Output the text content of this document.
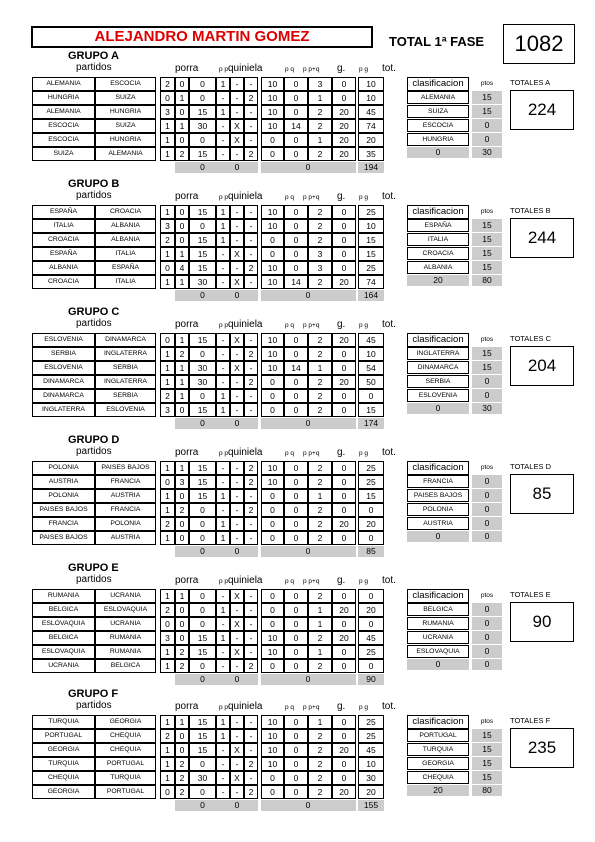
ALEJANDRO MARTIN GOMEZ	TOTAL 1ª FASE	1082
GRUPO A
partidos	porra	p p quiniela	p q p p+q g. p g tot.
ALEMANIA	ESCOCIA	2	0	0	1	-	-	10	0	3	0	10
HUNGRIA	SUIZA	0	1	0	-	-	2	10	0	1	0	10
ALEMANIA	HUNGRIA	3	0	15	1	-	-	10	0	2	20	45
ESCOCIA	SUIZA	1	1	30	-	X	-	10	14	2	20	74
ESCOCIA	HUNGRIA	1	0	0	-	X	-	0	0	1	20	20
SUIZA	ALEMANIA	1	2	15	-	-	2	0	0	2	20	35
0	0	0	194
clasificacion	ptos
ALEMANIA	15
SUIZA	15
ESCOCIA	0
HUNGRIA	0
0	30
TOTALES A
224
GRUPO B
partidos	porra	p p quiniela	p q p p+q g. p g tot.
ESPAÑA	CROACIA	1	0	15	1	-	-	10	0	2	0	25
ITALIA	ALBANIA	3	0	0	1	-	-	10	0	2	0	10
CROACIA	ALBANIA	2	0	15	1	-	-	0	0	2	0	15
ESPAÑA	ITALIA	1	1	15	-	X	-	0	0	3	0	15
ALBANIA	ESPAÑA	0	4	15	-	-	2	10	0	3	0	25
CROACIA	ITALIA	1	1	30	-	X	-	10	14	2	20	74
0	0	0	164
clasificacion	ptos
ESPAÑA	15
ITALIA	15
CROACIA	15
ALBANIA	15
20	80
TOTALES B
244
GRUPO C
partidos	porra	p p quiniela	p q p p+q g. p g tot.
ESLOVENIA	DINAMARCA	0	1	15	-	X	-	10	0	2	20	45
SERBIA	INGLATERRA	1	2	0	-	-	2	10	0	2	0	10
ESLOVENIA	SERBIA	1	1	30	-	X	-	10	14	1	0	54
DINAMARCA	INGLATERRA	1	1	30	-	-	2	0	0	2	20	50
DINAMARCA	SERBIA	2	1	0	1	-	-	0	0	2	0	0
INGLATERRA	ESLOVENIA	3	0	15	1	-	-	0	0	2	0	15
0	0	0	174
clasificacion	ptos
INGLATERRA	15
DINAMARCA	15
SERBIA	0
ESLOVENIA	0
0	30
TOTALES C
204
GRUPO D
partidos	porra	p p quiniela	p q p p+q g. p g tot.
POLONIA	PAISES BAJOS	1	1	15	-	-	2	10	0	2	0	25
AUSTRIA	FRANCIA	0	3	15	-	-	2	10	0	2	0	25
POLONIA	AUSTRIA	1	0	15	1	-	-	0	0	1	0	15
PAISES BAJOS	FRANCIA	1	2	0	-	-	2	0	0	2	0	0
FRANCIA	POLONIA	2	0	0	1	-	-	0	0	2	20	20
PAISES BAJOS	AUSTRIA	1	0	0	1	-	-	0	0	2	0	0
0	0	0	85
clasificacion	ptos
FRANCIA	0
PAISES BAJOS	0
POLONIA	0
AUSTRIA	0
0	0
TOTALES D
85
GRUPO E
partidos	porra	p p quiniela	p q p p+q g. p g tot.
RUMANIA	UCRANIA	1	1	0	-	X	-	0	0	2	0	0
BELGICA	ESLOVAQUIA	2	0	0	1	-	-	0	0	1	20	20
ESLOVAQUIA	UCRANIA	0	0	0	-	X	-	0	0	1	0	0
BELGICA	RUMANIA	3	0	15	1	-	-	10	0	2	20	45
ESLOVAQUIA	RUMANIA	1	2	15	-	X	-	10	0	1	0	25
UCRANIA	BELGICA	1	2	0	-	-	2	0	0	2	0	0
0	0	0	90
clasificacion	ptos
BELGICA	0
RUMANIA	0
UCRANIA	0
ESLOVAQUIA	0
0	0
TOTALES E
90
GRUPO F
partidos	porra	p p quiniela	p q p p+q g. p g tot.
TURQUIA	GEORGIA	1	1	15	1	-	-	10	0	1	0	25
PORTUGAL	CHEQUIA	2	0	15	1	-	-	10	0	2	0	25
GEORGIA	CHEQUIA	1	0	15	-	X	-	10	0	2	20	45
TURQUIA	PORTUGAL	1	2	0	-	-	2	10	0	2	0	10
CHEQUIA	TURQUIA	1	2	30	-	X	-	0	0	2	0	30
GEORGIA	PORTUGAL	0	2	0	-	-	2	0	0	2	20	20
0	0	0	155
clasificacion	ptos
PORTUGAL	15
TURQUIA	15
GEORGIA	15
CHEQUIA	15
20	80
TOTALES F
235
